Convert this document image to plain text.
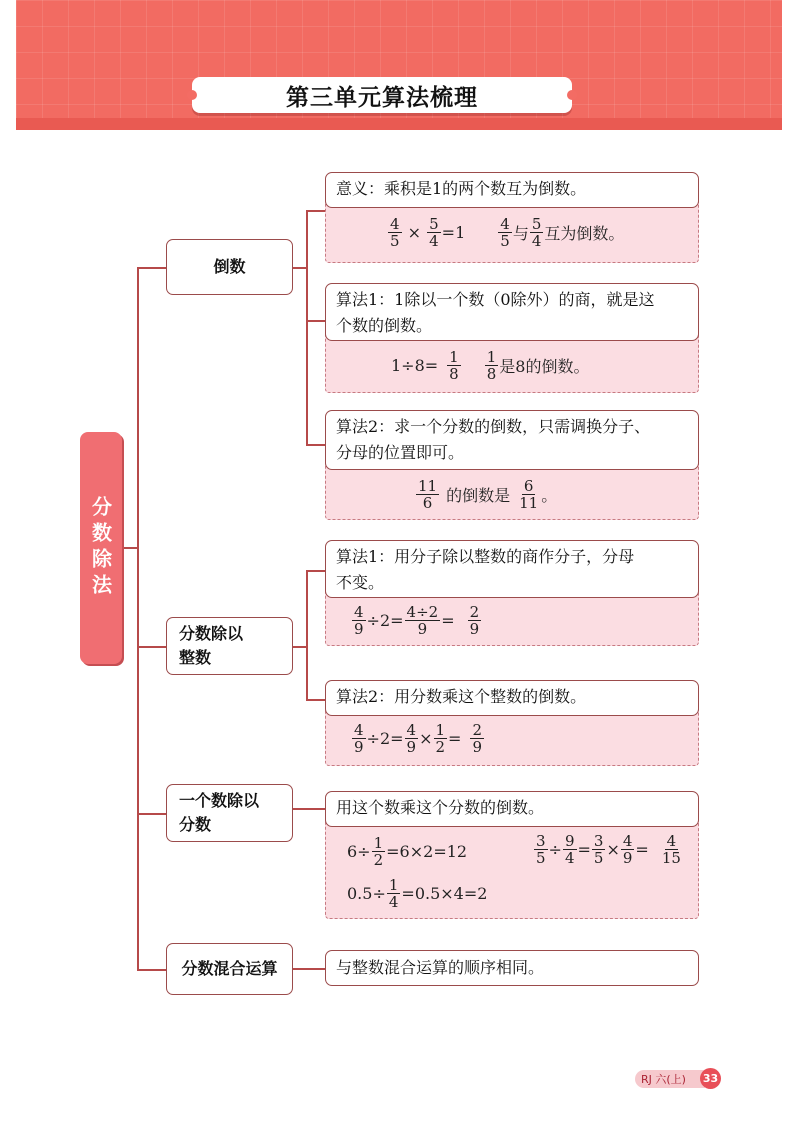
第三单元算法梳理
分数除法
倒数
分数除以
整数
一个数除以
分数
分数混合运算
意义：乘积是1的两个数互为倒数。
$\frac{4}{5} \times \frac{5}{4} =1 \frac{4}{5}$ 与 $\frac{5}{4}$ 互为倒数。
算法1：1除以一个数（0除外）的商，就是这
个数的倒数。
$1\div 8= \frac{1}{8} \frac{1}{8}$ 是8的倒数。
算法2：求一个分数的倒数，只需调换分子、
分母的位置即可。
$\frac{11}{6}$ 的倒数是 $\frac{6}{11}$ 。
算法1：用分子除以整数的商作分子，分母
不变。
$\frac{4}{9} \div 2= \frac{4\div 2}{9} = \frac{2}{9}$
算法2：用分数乘这个整数的倒数。
$\frac{4}{9} \div 2= \frac{4}{9} \times \frac{1}{2} = \frac{2}{9}$
用这个数乘这个分数的倒数。
$6\div \frac{1}{2} =6\times 2=12$	$\frac{3}{5} \div \frac{9}{4} = \frac{3}{5} \times \frac{4}{9} = \frac{4}{15}$
$0.5\div \frac{1}{4} =0.5\times 4=2$
与整数混合运算的顺序相同。
RJ 六(上)	33
